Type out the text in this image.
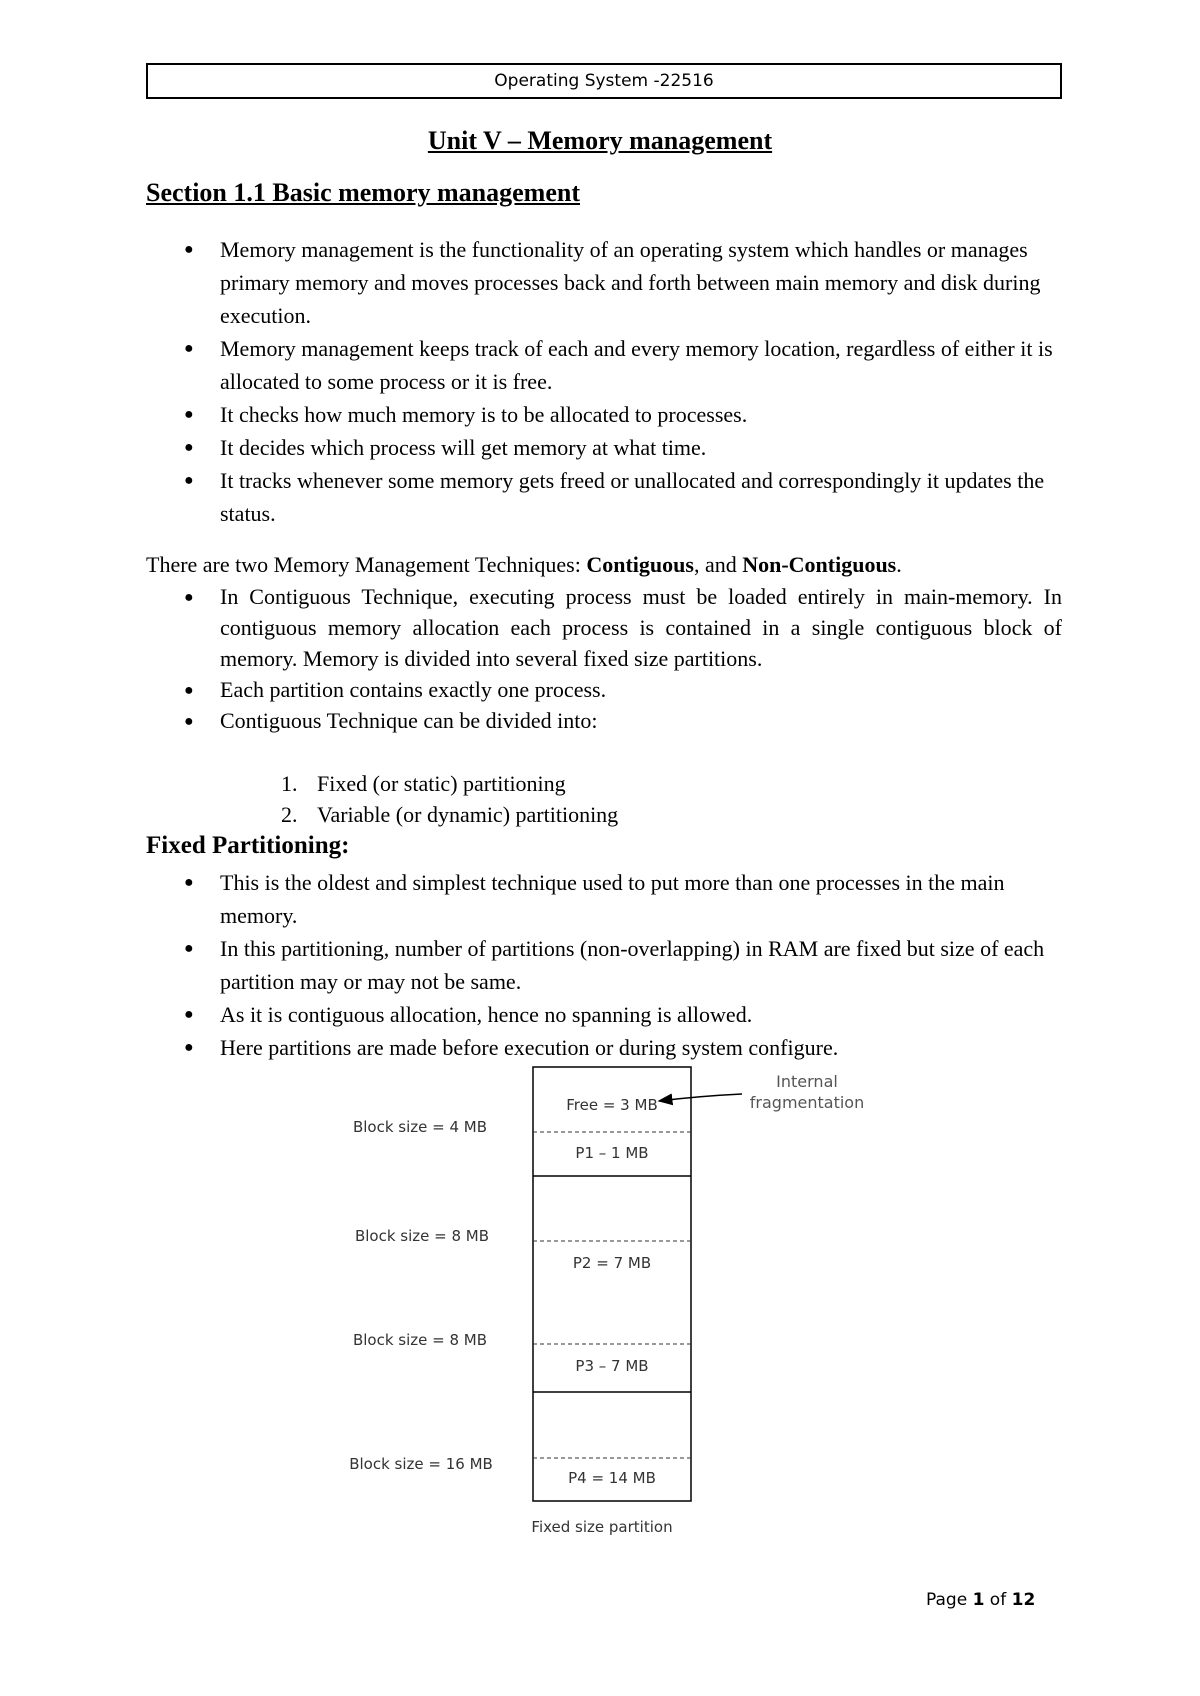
Operating System -22516
Unit V – Memory management
Section 1.1 Basic memory management
● Memory management is the functionality of an operating system which handles or manages primary memory and moves processes back and forth between main memory and disk during execution.
● Memory management keeps track of each and every memory location, regardless of either it is allocated to some process or it is free.
● It checks how much memory is to be allocated to processes.
● It decides which process will get memory at what time.
● It tracks whenever some memory gets freed or unallocated and correspondingly it updates the status.

There are two Memory Management Techniques: Contiguous, and Non-Contiguous.

● In Contiguous Technique, executing process must be loaded entirely in main-memory. In contiguous memory allocation each process is contained in a single contiguous block of memory. Memory is divided into several fixed size partitions.
● Each partition contains exactly one process.
● Contiguous Technique can be divided into:
1. Fixed (or static) partitioning
2. Variable (or dynamic) partitioning
Fixed Partitioning:
● This is the oldest and simplest technique used to put more than one processes in the main memory.
● In this partitioning, number of partitions (non-overlapping) in RAM are fixed but size of each partition may or may not be same.
● As it is contiguous allocation, hence no spanning is allowed.
● Here partitions are made before execution or during system configure.
Free = 3 MB
P1 – 1 MB
P2 = 7 MB
P3 – 7 MB
P4 = 14 MB
Block size = 4 MB
Block size = 8 MB
Block size = 8 MB
Block size = 16 MB
Internal
fragmentation
Fixed size partition
Page 1 of 12
